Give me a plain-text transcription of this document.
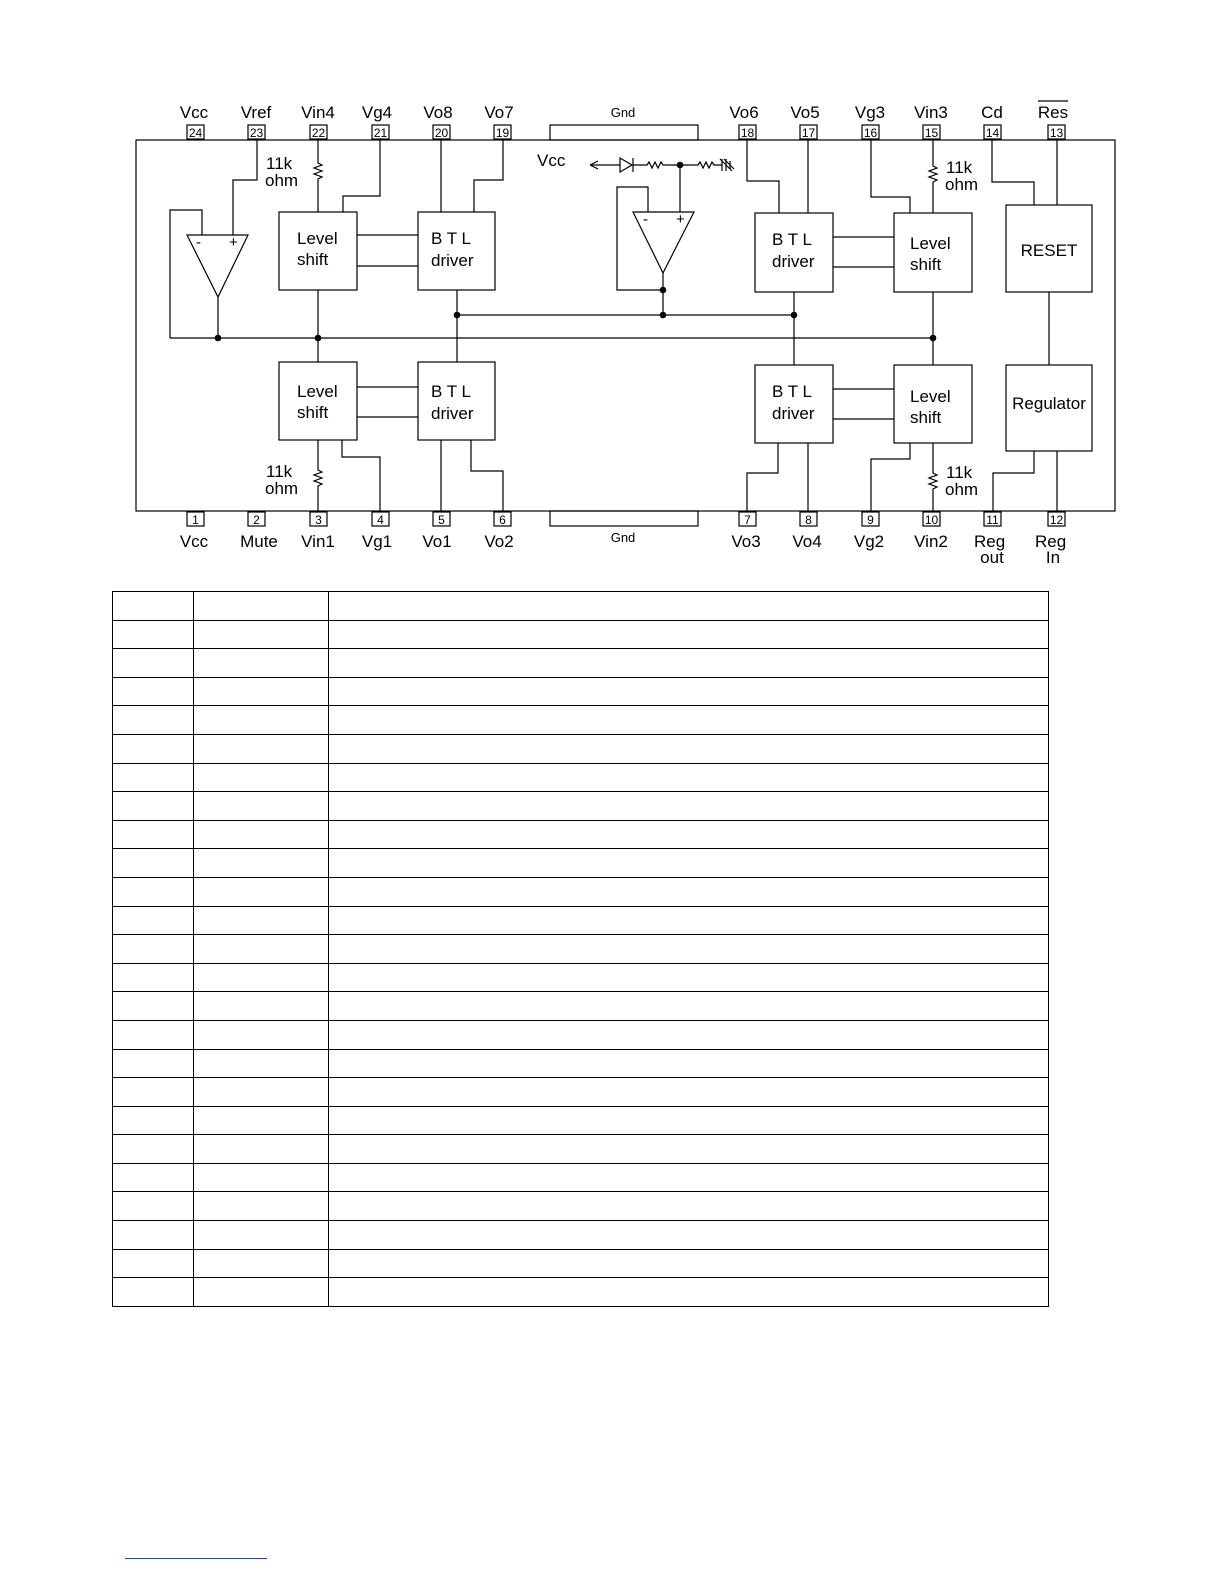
Gnd
Gnd
Vcc
24
Vref
23
Vin4
22
Vg4
21
Vo8
20
Vo7
19
Vo6
18
Vo5
17
Vg3
16
Vin3
15
Cd
14
Res
13
1
Vcc
2
Mute
3
Vin1
4
Vg1
5
Vo1
6
Vo2
7
Vo3
8
Vo4
9
Vg2
10
Vin2
11
Reg out
12
Reg In
Level
shift
B T L
driver
B T L
driver
Level
shift
RESET
Level
shift
B T L
driver
B T L
driver
Level
shift
Regulator
Vcc
11k
ohm
11k
ohm
11k
ohm
11k
ohm
- +
- +
